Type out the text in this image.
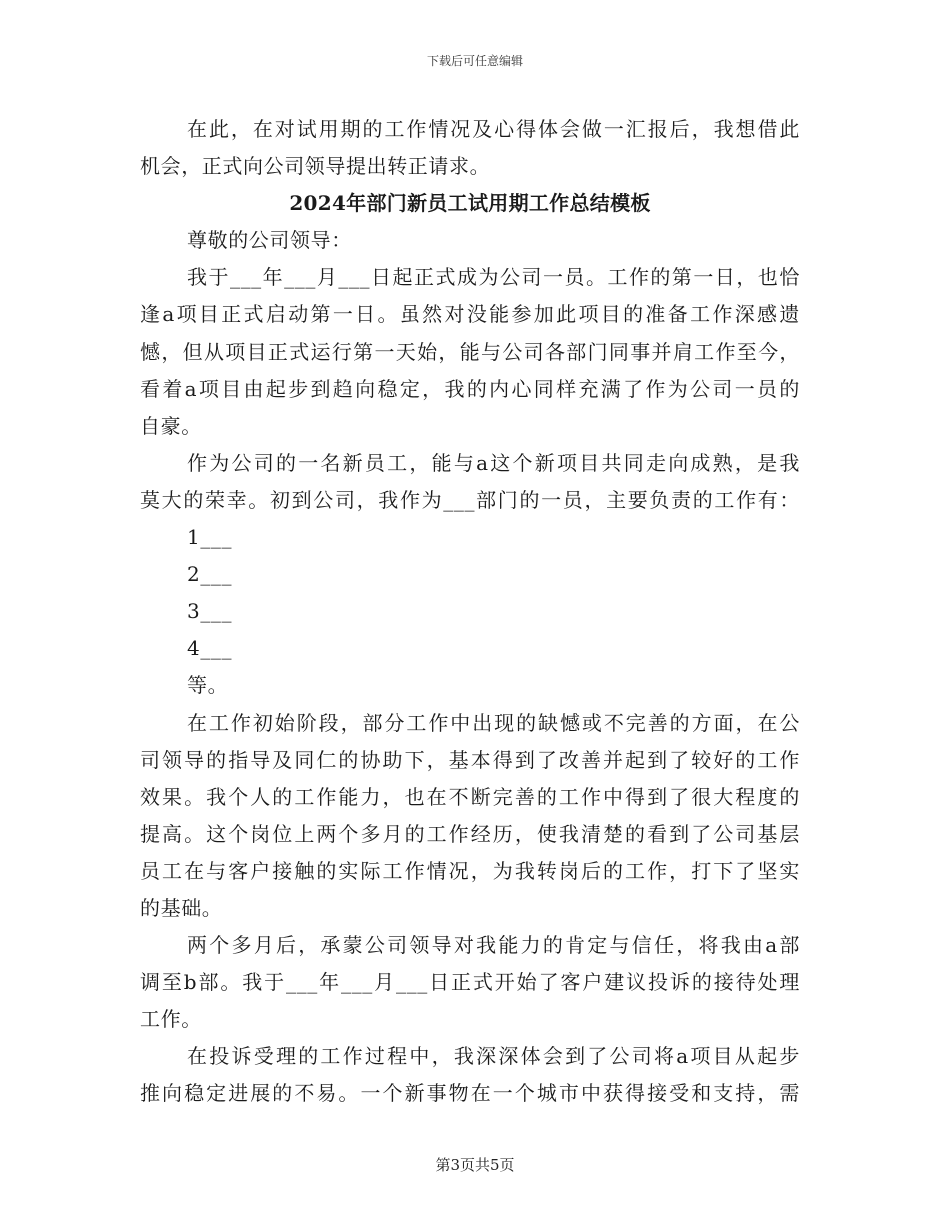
下载后可任意编辑
在此，在对试用期的工作情况及心得体会做一汇报后，我想借此
机会，正式向公司领导提出转正请求。
2024年部门新员工试用期工作总结模板
尊敬的公司领导：
我于___年___月___日起正式成为公司一员。工作的第一日，也恰
逢a项目正式启动第一日。虽然对没能参加此项目的准备工作深感遗
憾，但从项目正式运行第一天始，能与公司各部门同事并肩工作至今，
看着a项目由起步到趋向稳定，我的内心同样充满了作为公司一员的
自豪。
作为公司的一名新员工，能与a这个新项目共同走向成熟，是我
莫大的荣幸。初到公司，我作为___部门的一员，主要负责的工作有：
1___
2___
3___
4___
等。
在工作初始阶段，部分工作中出现的缺憾或不完善的方面，在公
司领导的指导及同仁的协助下，基本得到了改善并起到了较好的工作
效果。我个人的工作能力，也在不断完善的工作中得到了很大程度的
提高。这个岗位上两个多月的工作经历，使我清楚的看到了公司基层
员工在与客户接触的实际工作情况，为我转岗后的工作，打下了坚实
的基础。
两个多月后，承蒙公司领导对我能力的肯定与信任，将我由a部
调至b部。我于___年___月___日正式开始了客户建议投诉的接待处理
工作。
在投诉受理的工作过程中，我深深体会到了公司将a项目从起步
推向稳定进展的不易。一个新事物在一个城市中获得接受和支持，需
第3页共5页
